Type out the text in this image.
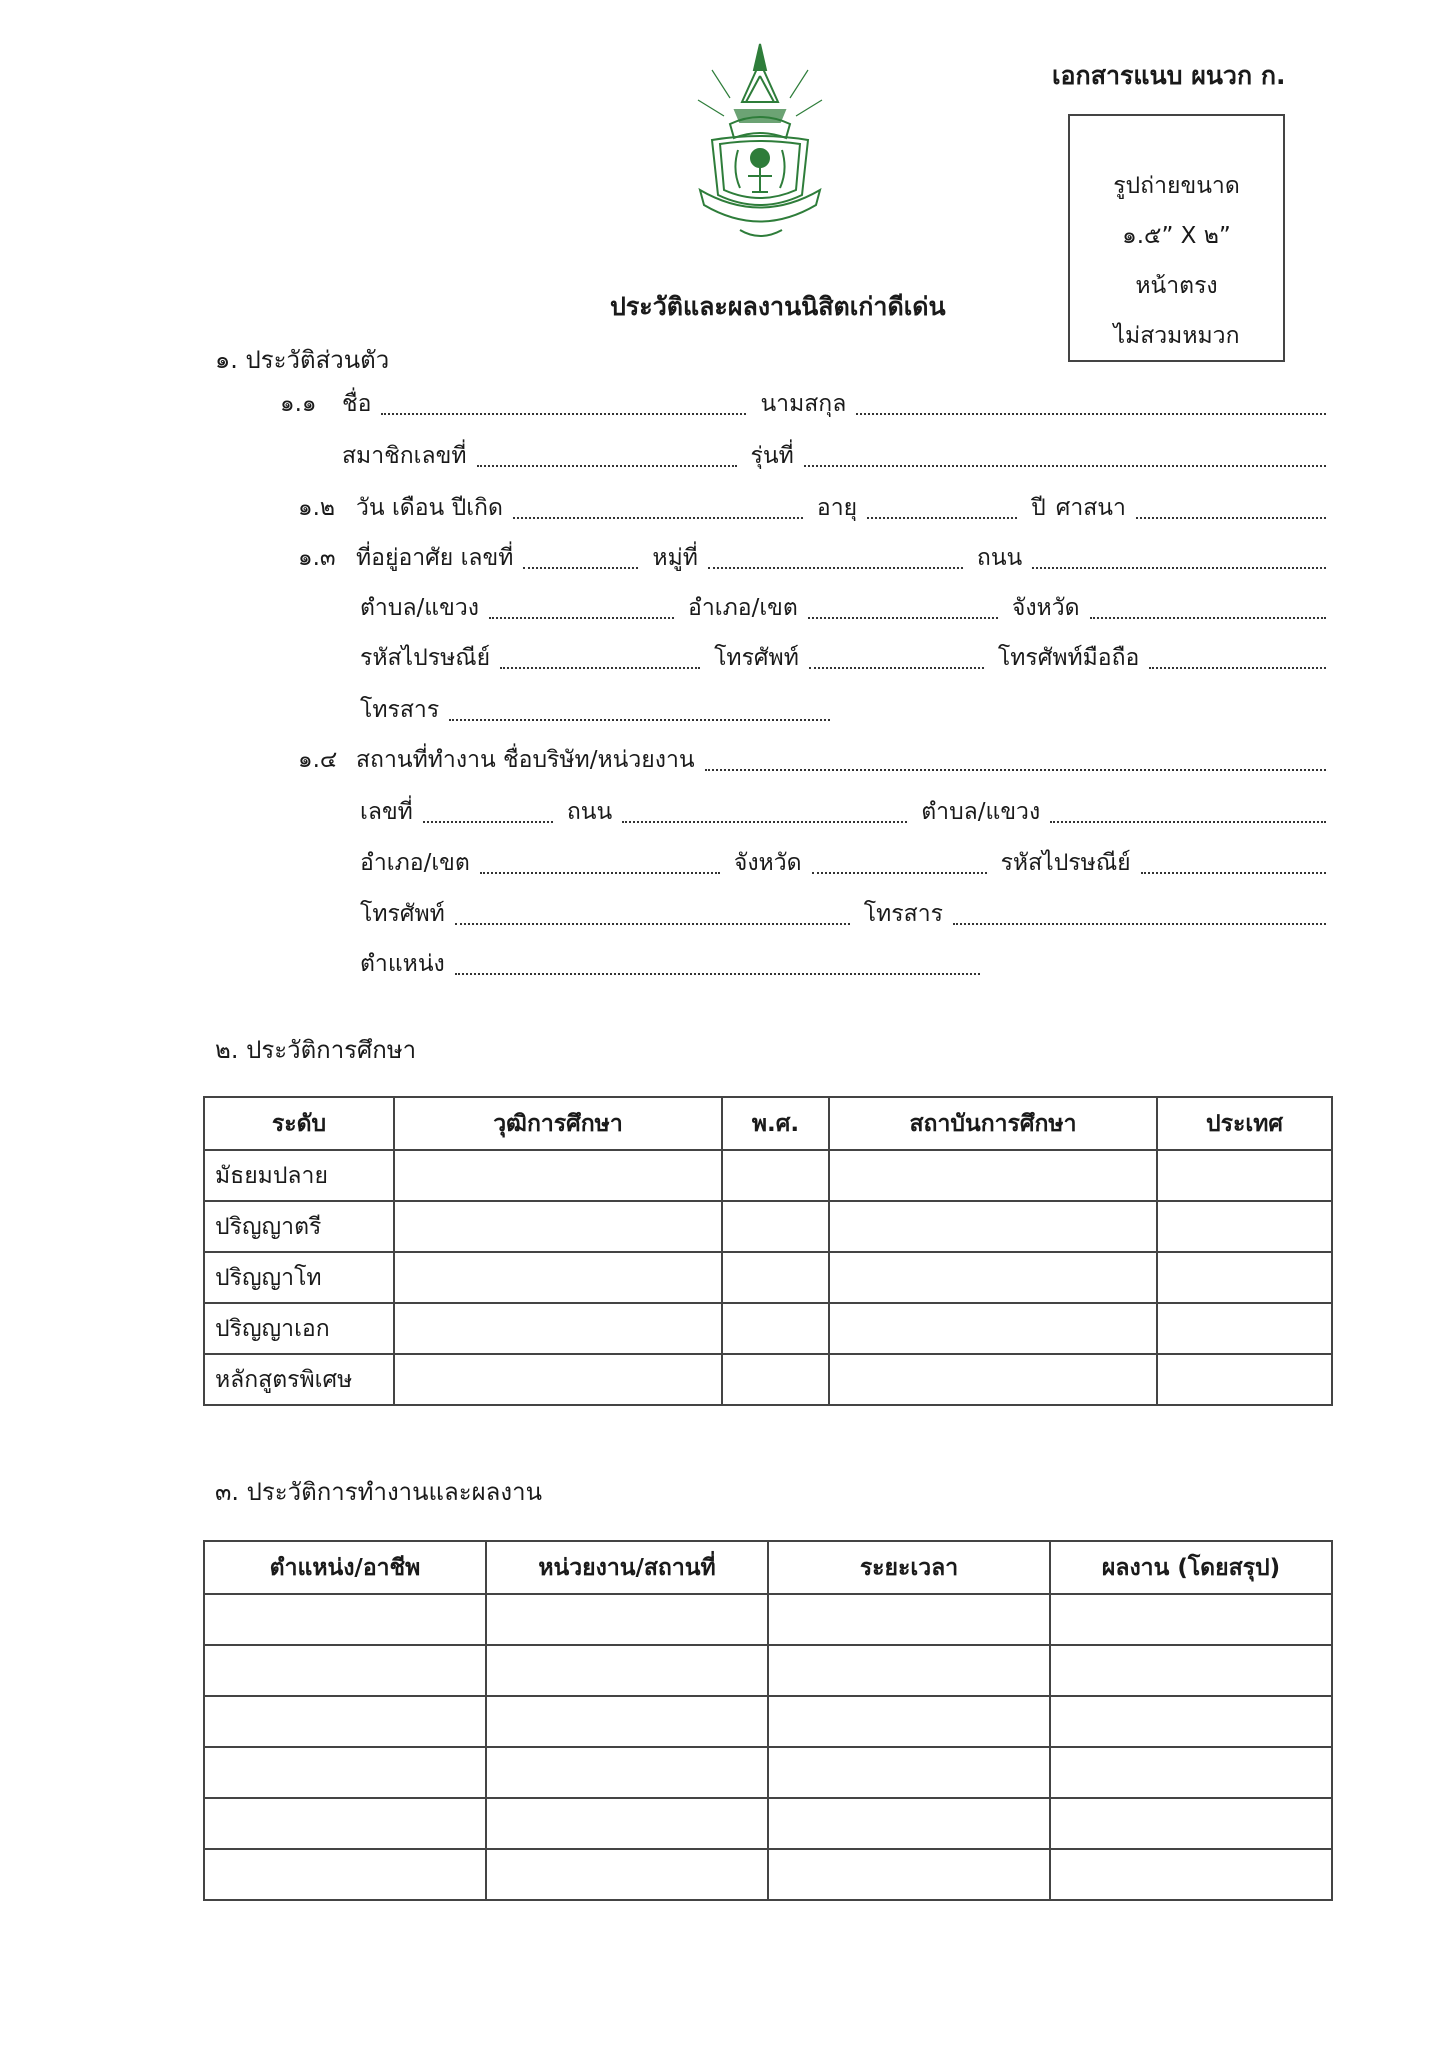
เอกสารแนบ ผนวก ก.
รูปถ่ายขนาด
๑.๕” X ๒”
หน้าตรง
ไม่สวมหมวก
ประวัติและผลงานนิสิตเก่าดีเด่น
๑. ประวัติส่วนตัว
๑.๑	ชื่อ	นามสกุล
สมาชิกเลขที่	รุ่นที่
๑.๒ วัน เดือน ปีเกิด	อายุ	ปี ศาสนา
๑.๓ ที่อยู่อาศัย เลขที่	หมู่ที่	ถนน
ตำบล/แขวง	อำเภอ/เขต	จังหวัด
รหัสไปรษณีย์	โทรศัพท์	โทรศัพท์มือถือ
โทรสาร
๑.๔ สถานที่ทำงาน ชื่อบริษัท/หน่วยงาน
เลขที่	ถนน	ตำบล/แขวง
อำเภอ/เขต	จังหวัด	รหัสไปรษณีย์
โทรศัพท์	โทรสาร
ตำแหน่ง
๒. ประวัติการศึกษา
ระดับ	วุฒิการศึกษา	พ.ศ.	สถาบันการศึกษา	ประเทศ
มัธยมปลาย				
ปริญญาตรี				
ปริญญาโท				
ปริญญาเอก				
หลักสูตรพิเศษ				
๓. ประวัติการทำงานและผลงาน
ตำแหน่ง/อาชีพ	หน่วยงาน/สถานที่	ระยะเวลา	ผลงาน (โดยสรุป)
